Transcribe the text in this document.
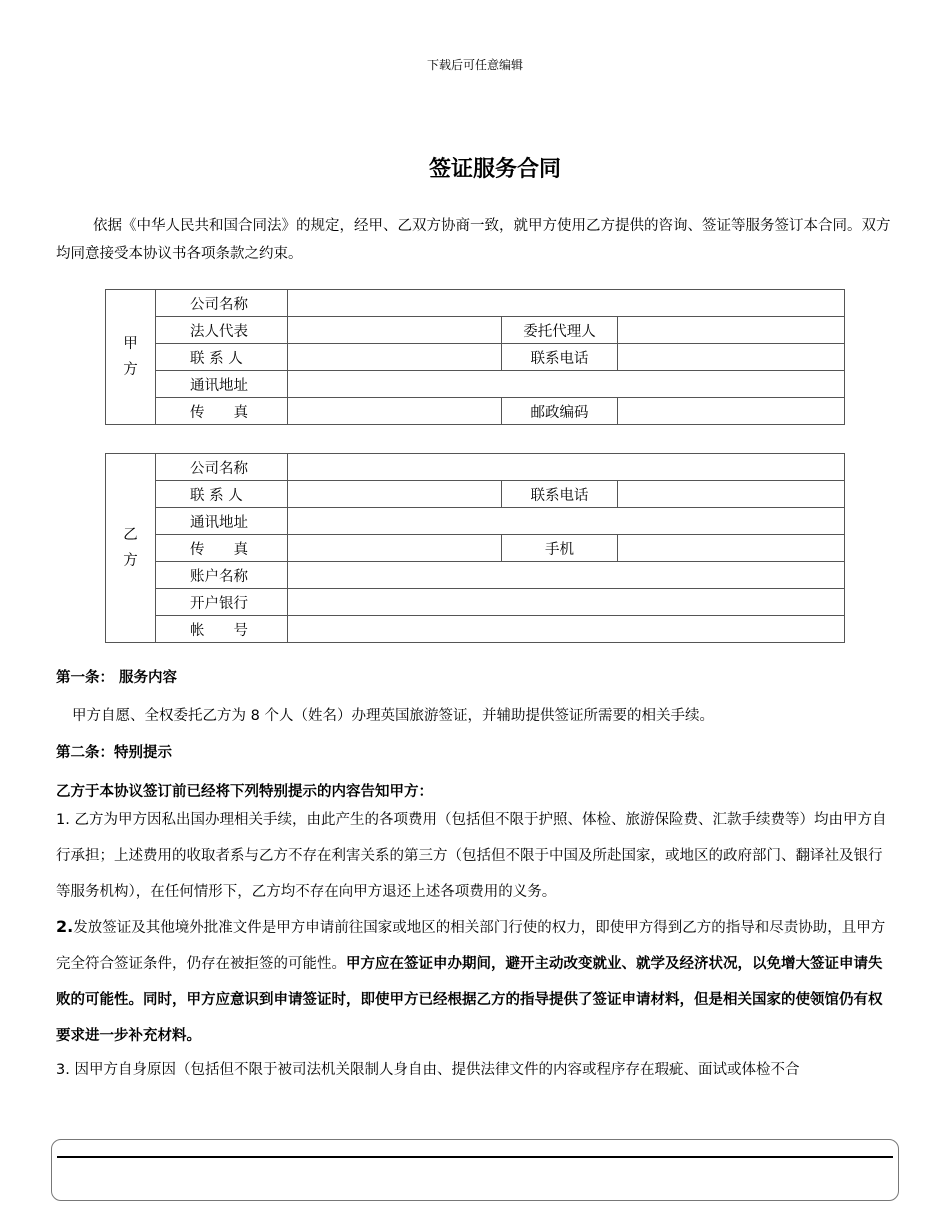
下载后可任意编辑
签证服务合同
依据《中华人民共和国合同法》的规定，经甲、乙双方协商一致，就甲方使用乙方提供的咨询、签证等服务签订本合同。双方均同意接受本协议书各项条款之约束。
甲
方	公司名称			
	法人代表		委托代理人	
	联 系 人		联系电话	
	通讯地址			
	传　　真		邮政编码	
乙
方	公司名称			
	联 系 人		联系电话	
	通讯地址			
	传　　真		手机	
	账户名称			
	开户银行			
	帐　　号			
第一条： 服务内容
甲方自愿、全权委托乙方为 8 个人（姓名）办理英国旅游签证，并辅助提供签证所需要的相关手续。
第二条：特别提示
乙方于本协议签订前已经将下列特别提示的内容告知甲方：
1. 乙方为甲方因私出国办理相关手续，由此产生的各项费用（包括但不限于护照、体检、旅游保险费、汇款手续费等）均由甲方自行承担；上述费用的收取者系与乙方不存在利害关系的第三方（包括但不限于中国及所赴国家，或地区的政府部门、翻译社及银行等服务机构），在任何情形下，乙方均不存在向甲方退还上述各项费用的义务。
2.发放签证及其他境外批准文件是甲方申请前往国家或地区的相关部门行使的权力，即使甲方得到乙方的指导和尽责协助，且甲方完全符合签证条件，仍存在被拒签的可能性。甲方应在签证申办期间，避开主动改变就业、就学及经济状况，以免增大签证申请失败的可能性。同时，甲方应意识到申请签证时，即使甲方已经根据乙方的指导提供了签证申请材料，但是相关国家的使领馆仍有权要求进一步补充材料。
3. 因甲方自身原因（包括但不限于被司法机关限制人身自由、提供法律文件的内容或程序存在瑕疵、面试或体检不合
